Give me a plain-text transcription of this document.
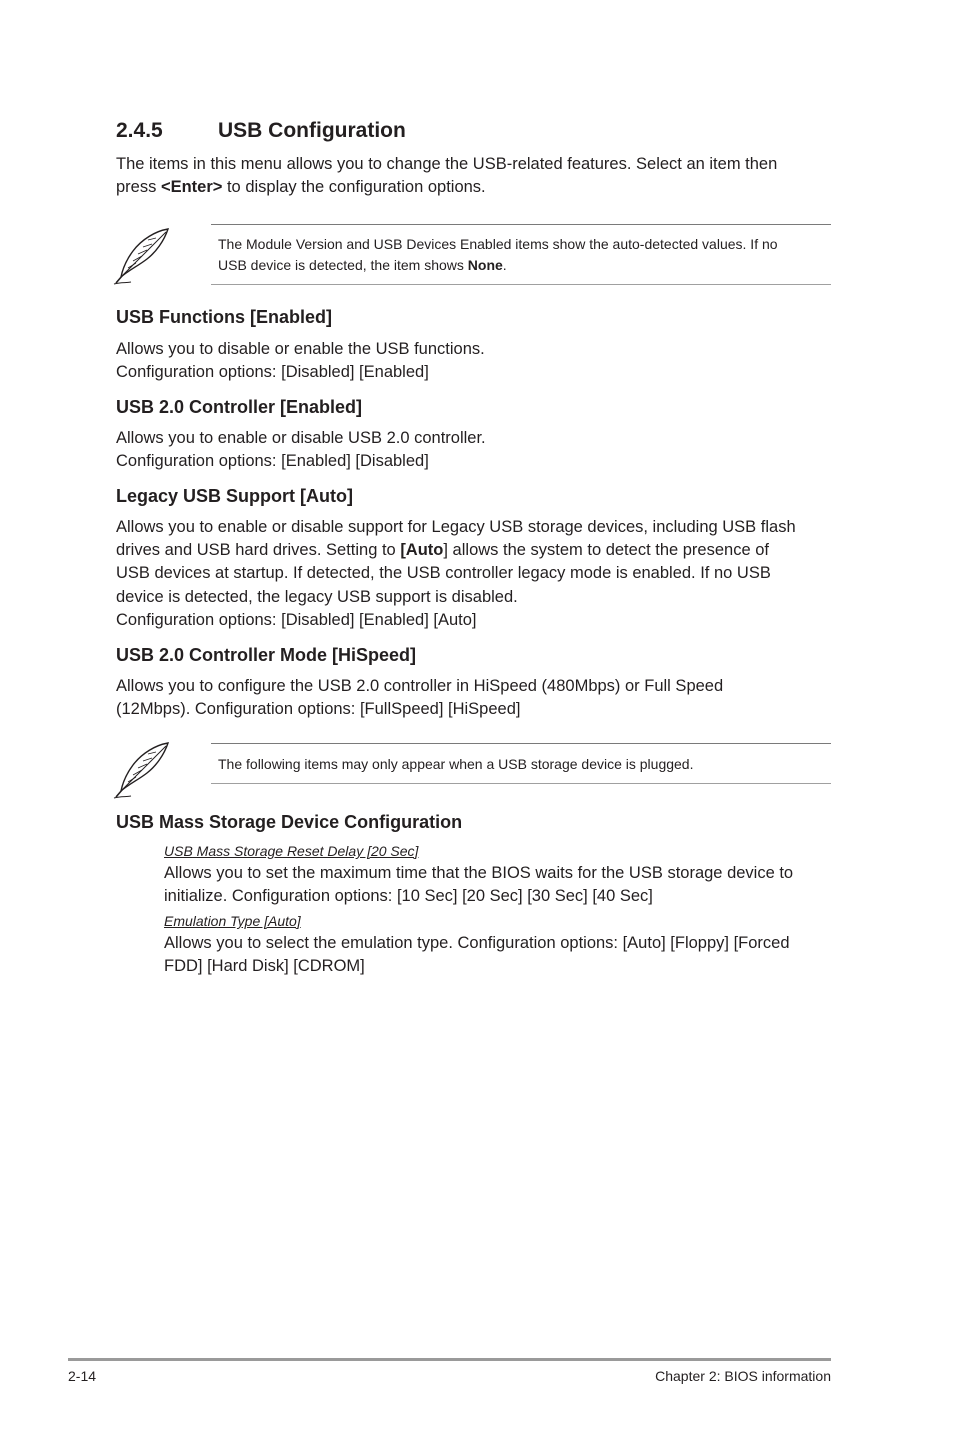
2.4.5	USB Configuration
The items in this menu allows you to change the USB-related features. Select an item then
press <Enter> to display the configuration options.
The Module Version and USB Devices Enabled items show the auto-detected values. If no
USB device is detected, the item shows None.
USB Functions [Enabled]
Allows you to disable or enable the USB functions.
Configuration options: [Disabled] [Enabled]
USB 2.0 Controller [Enabled]
Allows you to enable or disable USB 2.0 controller.
Configuration options: [Enabled] [Disabled]
Legacy USB Support [Auto]
Allows you to enable or disable support for Legacy USB storage devices, including USB flash
drives and USB hard drives. Setting to [Auto] allows the system to detect the presence of
USB devices at startup. If detected, the USB controller legacy mode is enabled. If no USB
device is detected, the legacy USB support is disabled.
Configuration options: [Disabled] [Enabled] [Auto]
USB 2.0 Controller Mode [HiSpeed]
Allows you to configure the USB 2.0 controller in HiSpeed (480Mbps) or Full Speed
(12Mbps). Configuration options: [FullSpeed] [HiSpeed]
The following items may only appear when a USB storage device is plugged.
USB Mass Storage Device Configuration
USB Mass Storage Reset Delay [20 Sec]
Allows you to set the maximum time that the BIOS waits for the USB storage device to
initialize. Configuration options: [10 Sec] [20 Sec] [30 Sec] [40 Sec]
Emulation Type [Auto]
Allows you to select the emulation type. Configuration options: [Auto] [Floppy] [Forced
FDD] [Hard Disk] [CDROM]
2-14	Chapter 2: BIOS information
